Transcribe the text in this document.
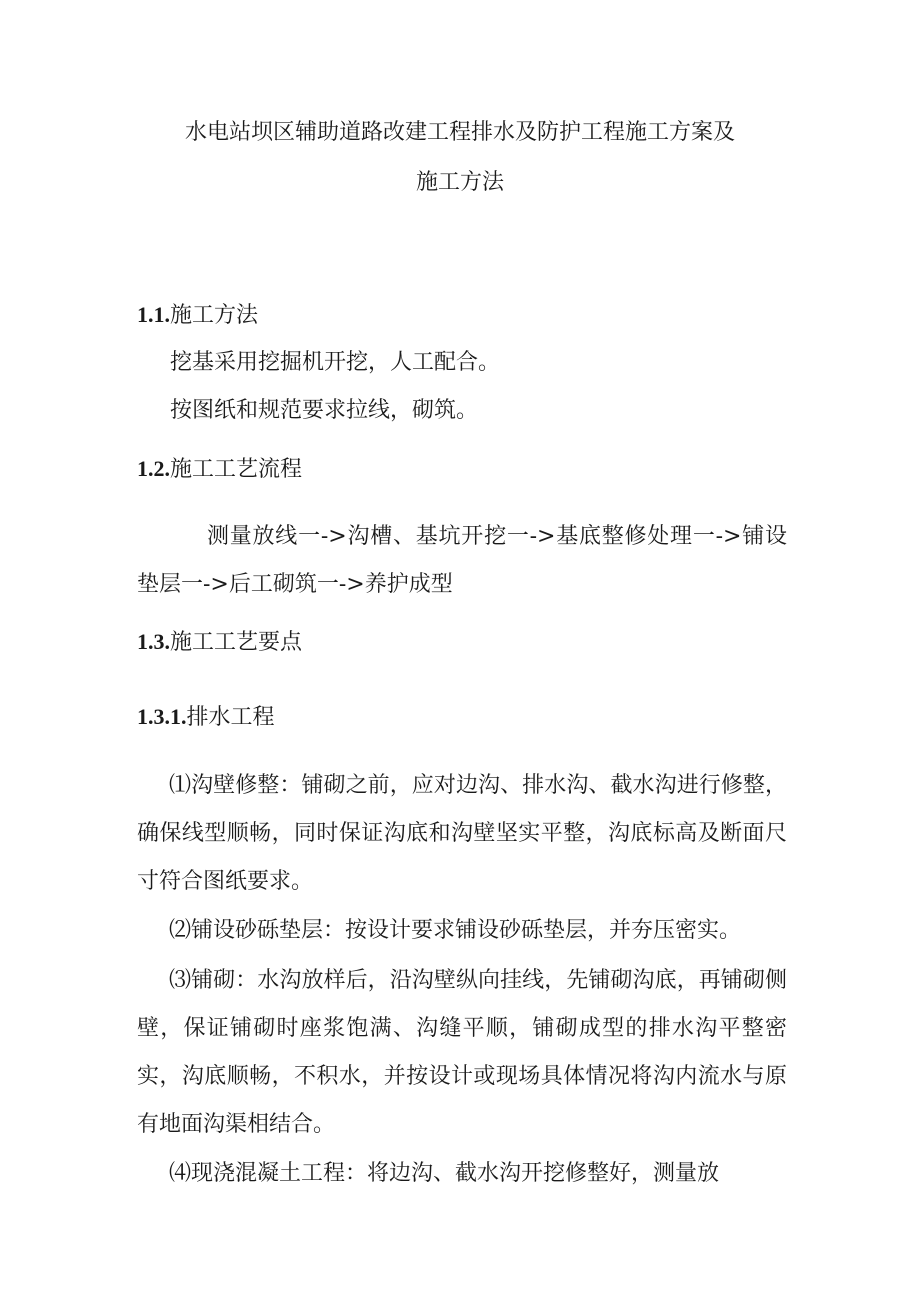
水电站坝区辅助道路改建工程排水及防护工程施工方案及
施工方法
1.1.施工方法

挖基采用挖掘机开挖，人工配合。

按图纸和规范要求拉线，砌筑。

1.2.施工工艺流程

测量放线一->沟槽、基坑开挖一->基底整修处理一->铺设垫层一->后工砌筑一->养护成型

1.3.施工工艺要点
1.3.1.排水工程

⑴沟壁修整：铺砌之前，应对边沟、排水沟、截水沟进行修整，确保线型顺畅，同时保证沟底和沟壁坚实平整，沟底标高及断面尺寸符合图纸要求。

⑵铺设砂砾垫层：按设计要求铺设砂砾垫层，并夯压密实。

⑶铺砌：水沟放样后，沿沟壁纵向挂线，先铺砌沟底，再铺砌侧壁，保证铺砌时座浆饱满、沟缝平顺，铺砌成型的排水沟平整密实，沟底顺畅，不积水，并按设计或现场具体情况将沟内流水与原有地面沟渠相结合。

⑷现浇混凝土工程：将边沟、截水沟开挖修整好，测量放
